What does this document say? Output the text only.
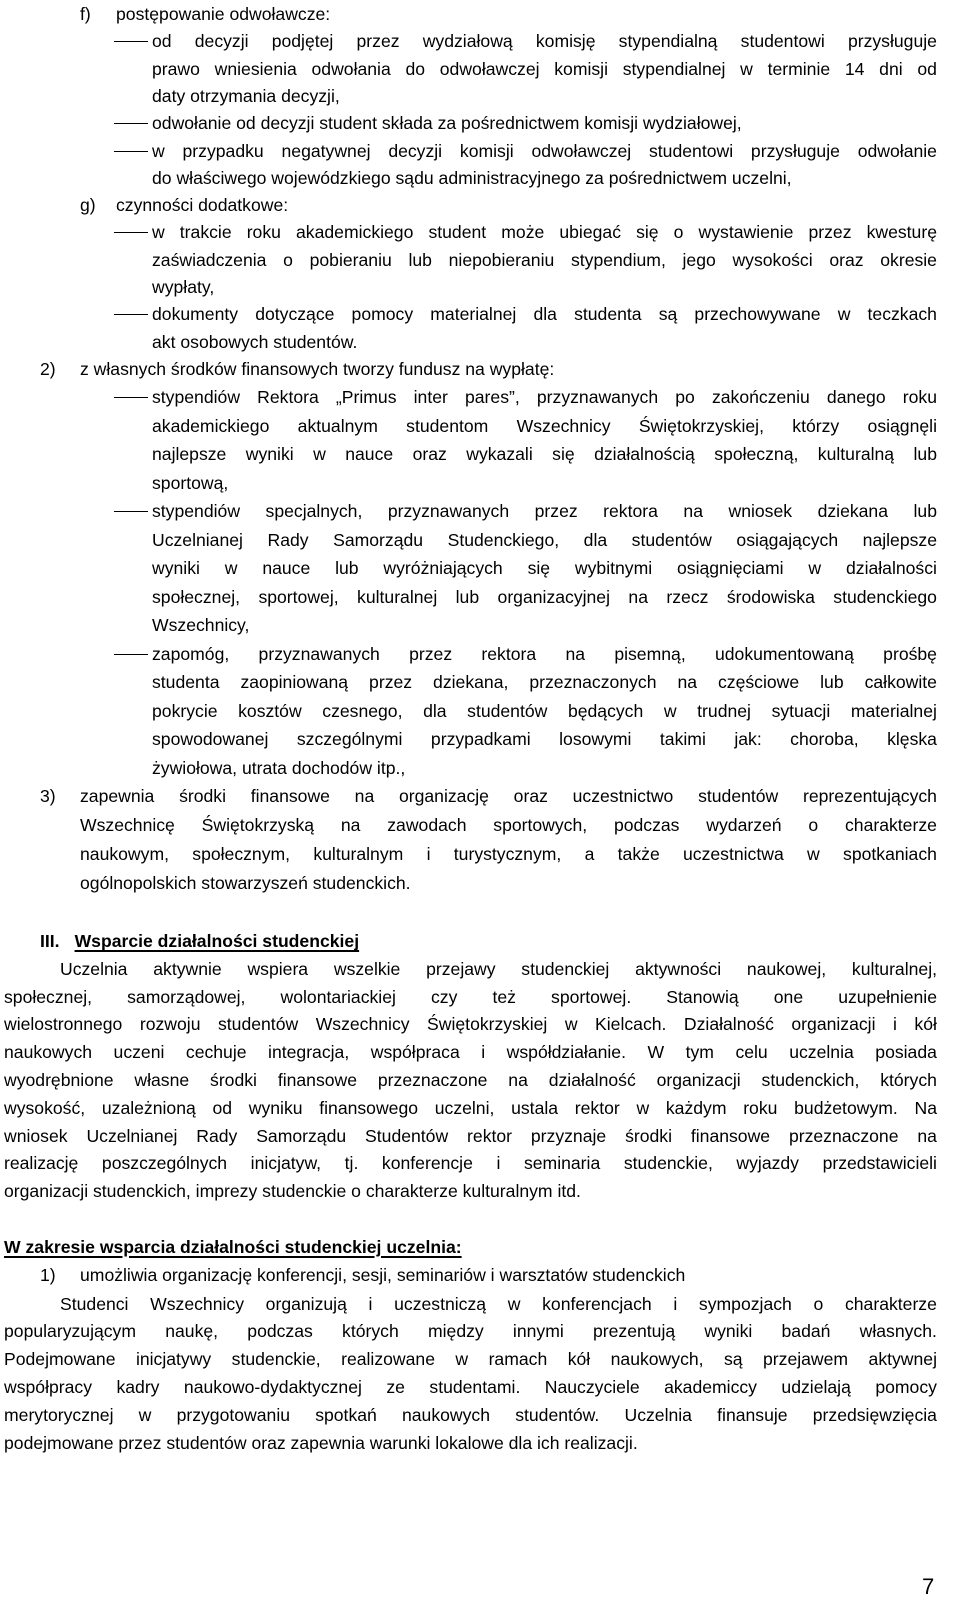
f) postępowanie odwoławcze:
od decyzji podjętej przez wydziałową komisję stypendialną studentowi przysługuje
prawo wniesienia odwołania do odwoławczej komisji stypendialnej w terminie 14 dni od
daty otrzymania decyzji,
odwołanie od decyzji student składa za pośrednictwem komisji wydziałowej,
w przypadku negatywnej decyzji komisji odwoławczej studentowi przysługuje odwołanie
do właściwego wojewódzkiego sądu administracyjnego za pośrednictwem uczelni,
g) czynności dodatkowe:
w trakcie roku akademickiego student może ubiegać się o wystawienie przez kwesturę
zaświadczenia o pobieraniu lub niepobieraniu stypendium, jego wysokości oraz okresie
wypłaty,
dokumenty dotyczące pomocy materialnej dla studenta są przechowywane w teczkach
akt osobowych studentów.
2) z własnych środków finansowych tworzy fundusz na wypłatę:
stypendiów Rektora „Primus inter pares”, przyznawanych po zakończeniu danego roku
akademickiego aktualnym studentom Wszechnicy Świętokrzyskiej, którzy osiągnęli
najlepsze wyniki w nauce oraz wykazali się działalnością społeczną, kulturalną lub
sportową,
stypendiów specjalnych, przyznawanych przez rektora na wniosek dziekana lub
Uczelnianej Rady Samorządu Studenckiego, dla studentów osiągających najlepsze
wyniki w nauce lub wyróżniających się wybitnymi osiągnięciami w działalności
społecznej, sportowej, kulturalnej lub organizacyjnej na rzecz środowiska studenckiego
Wszechnicy,
zapomóg, przyznawanych przez rektora na pisemną, udokumentowaną prośbę
studenta zaopiniowaną przez dziekana, przeznaczonych na częściowe lub całkowite
pokrycie kosztów czesnego, dla studentów będących w trudnej sytuacji materialnej
spowodowanej szczególnymi przypadkami losowymi takimi jak: choroba, klęska
żywiołowa, utrata dochodów itp.,
3) zapewnia środki finansowe na organizację oraz uczestnictwo studentów reprezentujących
Wszechnicę Świętokrzyską na zawodach sportowych, podczas wydarzeń o charakterze
naukowym, społecznym, kulturalnym i turystycznym, a także uczestnictwa w spotkaniach
ogólnopolskich stowarzyszeń studenckich.
III. Wsparcie działalności studenckiej
Uczelnia aktywnie wspiera wszelkie przejawy studenckiej aktywności naukowej, kulturalnej,
społecznej, samorządowej, wolontariackiej czy też sportowej. Stanowią one uzupełnienie
wielostronnego rozwoju studentów Wszechnicy Świętokrzyskiej w Kielcach. Działalność organizacji i kół
naukowych uczeni cechuje integracja, współpraca i współdziałanie. W tym celu uczelnia posiada
wyodrębnione własne środki finansowe przeznaczone na działalność organizacji studenckich, których
wysokość, uzależnioną od wyniku finansowego uczelni, ustala rektor w każdym roku budżetowym. Na
wniosek Uczelnianej Rady Samorządu Studentów rektor przyznaje środki finansowe przeznaczone na
realizację poszczególnych inicjatyw, tj. konferencje i seminaria studenckie, wyjazdy przedstawicieli
organizacji studenckich, imprezy studenckie o charakterze kulturalnym itd.
W zakresie wsparcia działalności studenckiej uczelnia:
1) umożliwia organizację konferencji, sesji, seminariów i warsztatów studenckich
Studenci Wszechnicy organizują i uczestniczą w konferencjach i sympozjach o charakterze
popularyzującym naukę, podczas których między innymi prezentują wyniki badań własnych.
Podejmowane inicjatywy studenckie, realizowane w ramach kół naukowych, są przejawem aktywnej
współpracy kadry naukowo-dydaktycznej ze studentami. Nauczyciele akademiccy udzielają pomocy
merytorycznej w przygotowaniu spotkań naukowych studentów. Uczelnia finansuje przedsięwzięcia
podejmowane przez studentów oraz zapewnia warunki lokalowe dla ich realizacji.
7
